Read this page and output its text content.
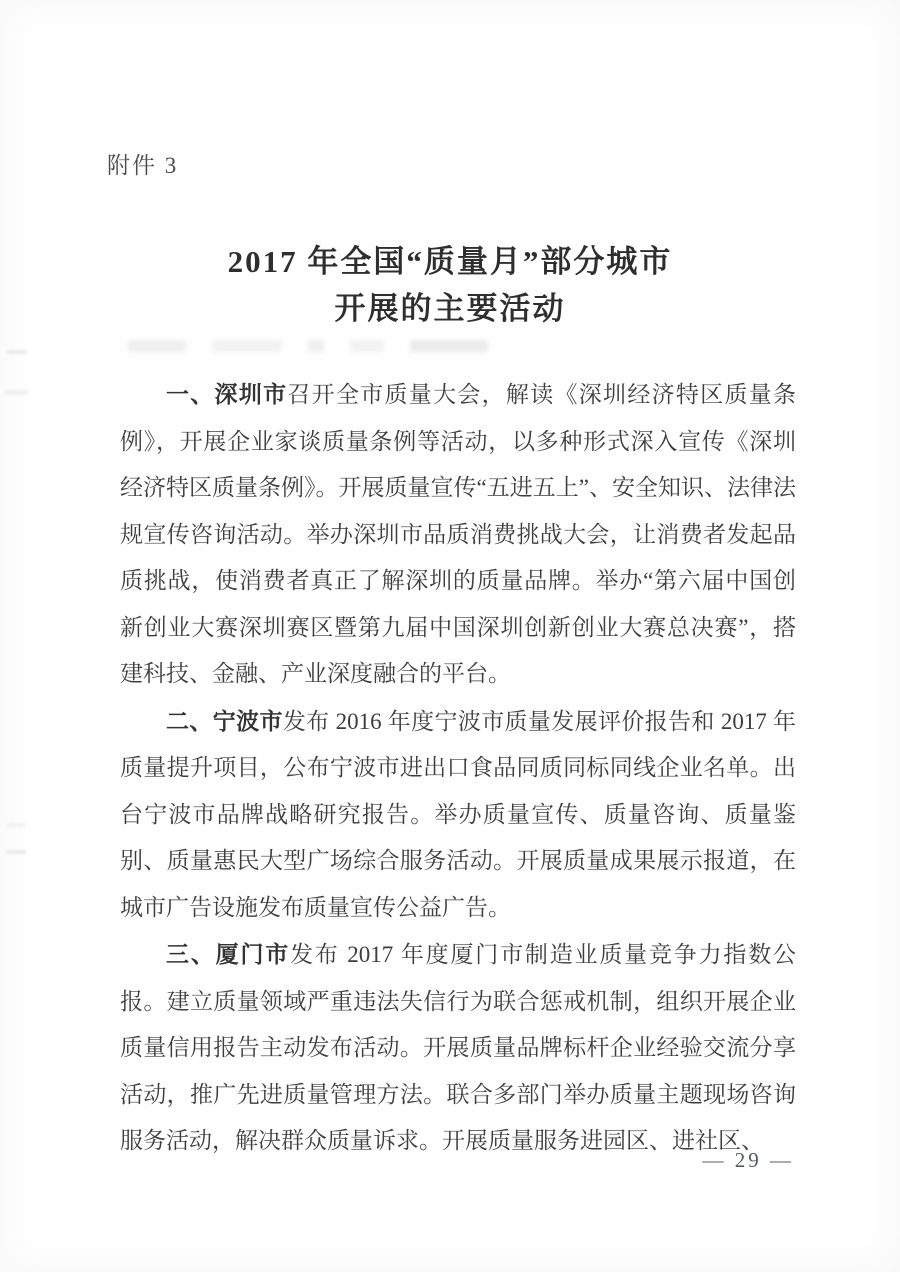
附件 3
2017 年全国“质量月”部分城市
开展的主要活动

一、深圳市召开全市质量大会，解读《深圳经济特区质量条例》，开展企业家谈质量条例等活动，以多种形式深入宣传《深圳经济特区质量条例》。开展质量宣传“五进五上”、安全知识、法律法规宣传咨询活动。举办深圳市品质消费挑战大会，让消费者发起品质挑战，使消费者真正了解深圳的质量品牌。举办“第六届中国创新创业大赛深圳赛区暨第九届中国深圳创新创业大赛总决赛”，搭建科技、金融、产业深度融合的平台。

二、宁波市发布 2016 年度宁波市质量发展评价报告和 2017 年质量提升项目，公布宁波市进出口食品同质同标同线企业名单。出台宁波市品牌战略研究报告。举办质量宣传、质量咨询、质量鉴别、质量惠民大型广场综合服务活动。开展质量成果展示报道，在城市广告设施发布质量宣传公益广告。

三、厦门市发布 2017 年度厦门市制造业质量竞争力指数公报。建立质量领域严重违法失信行为联合惩戒机制，组织开展企业质量信用报告主动发布活动。开展质量品牌标杆企业经验交流分享活动，推广先进质量管理方法。联合多部门举办质量主题现场咨询服务活动，解决群众质量诉求。开展质量服务进园区、进社区、

— 29 —
